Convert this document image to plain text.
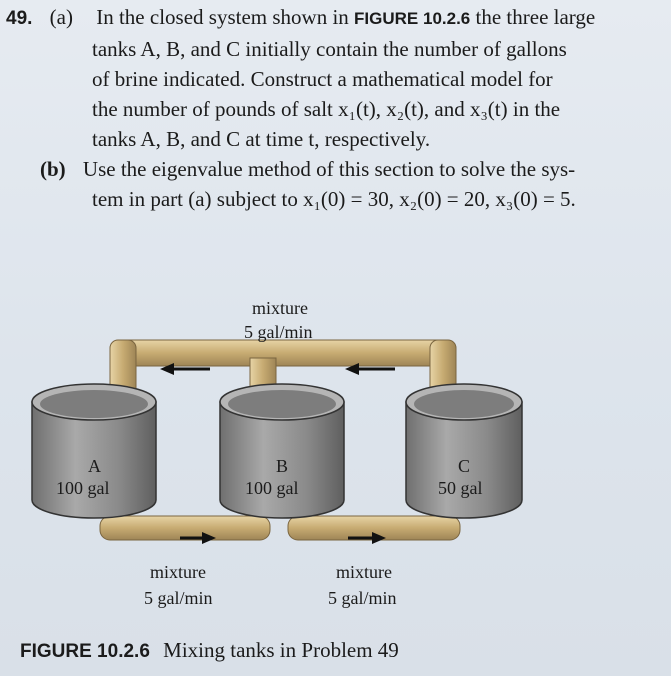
49. (a) In the closed system shown in FIGURE 10.2.6 the three large
tanks A, B, and C initially contain the number of gallons
of brine indicated. Construct a mathematical model for
the number of pounds of salt x₁(t), x₂(t), and x₃(t) in the
tanks A, B, and C at time t, respectively.
(b) Use the eigenvalue method of this section to solve the sys-
tem in part (a) subject to x₁(0) = 30, x₂(0) = 20, x₃(0) = 5.
mixture
5 gal/min
A
100 gal
B
100 gal
C
50 gal
mixture
5 gal/min
mixture
5 gal/min
FIGURE 10.2.6 Mixing tanks in Problem 49
